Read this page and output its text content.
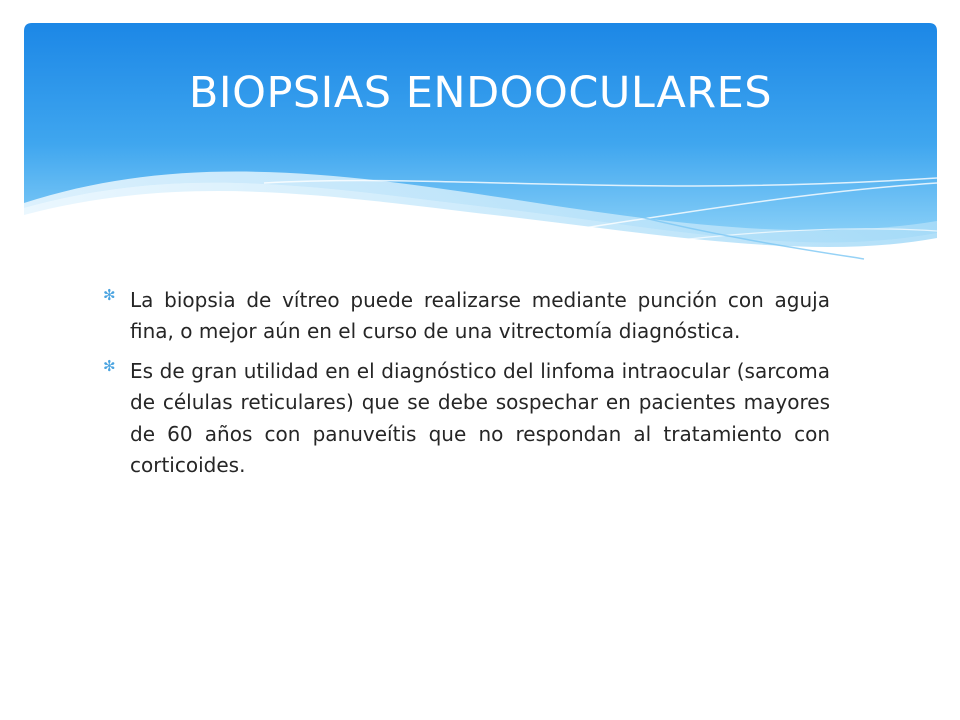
BIOPSIAS ENDOOCULARES
✻ La biopsia de vítreo puede realizarse mediante punción con aguja fina, o mejor aún en el curso de una vitrectomía diagnóstica.
✻ Es de gran utilidad en el diagnóstico del linfoma intraocular (sarcoma de células reticulares) que se debe sospechar en pacientes mayores de 60 años con panuveítis que no respondan al tratamiento con corticoides.
